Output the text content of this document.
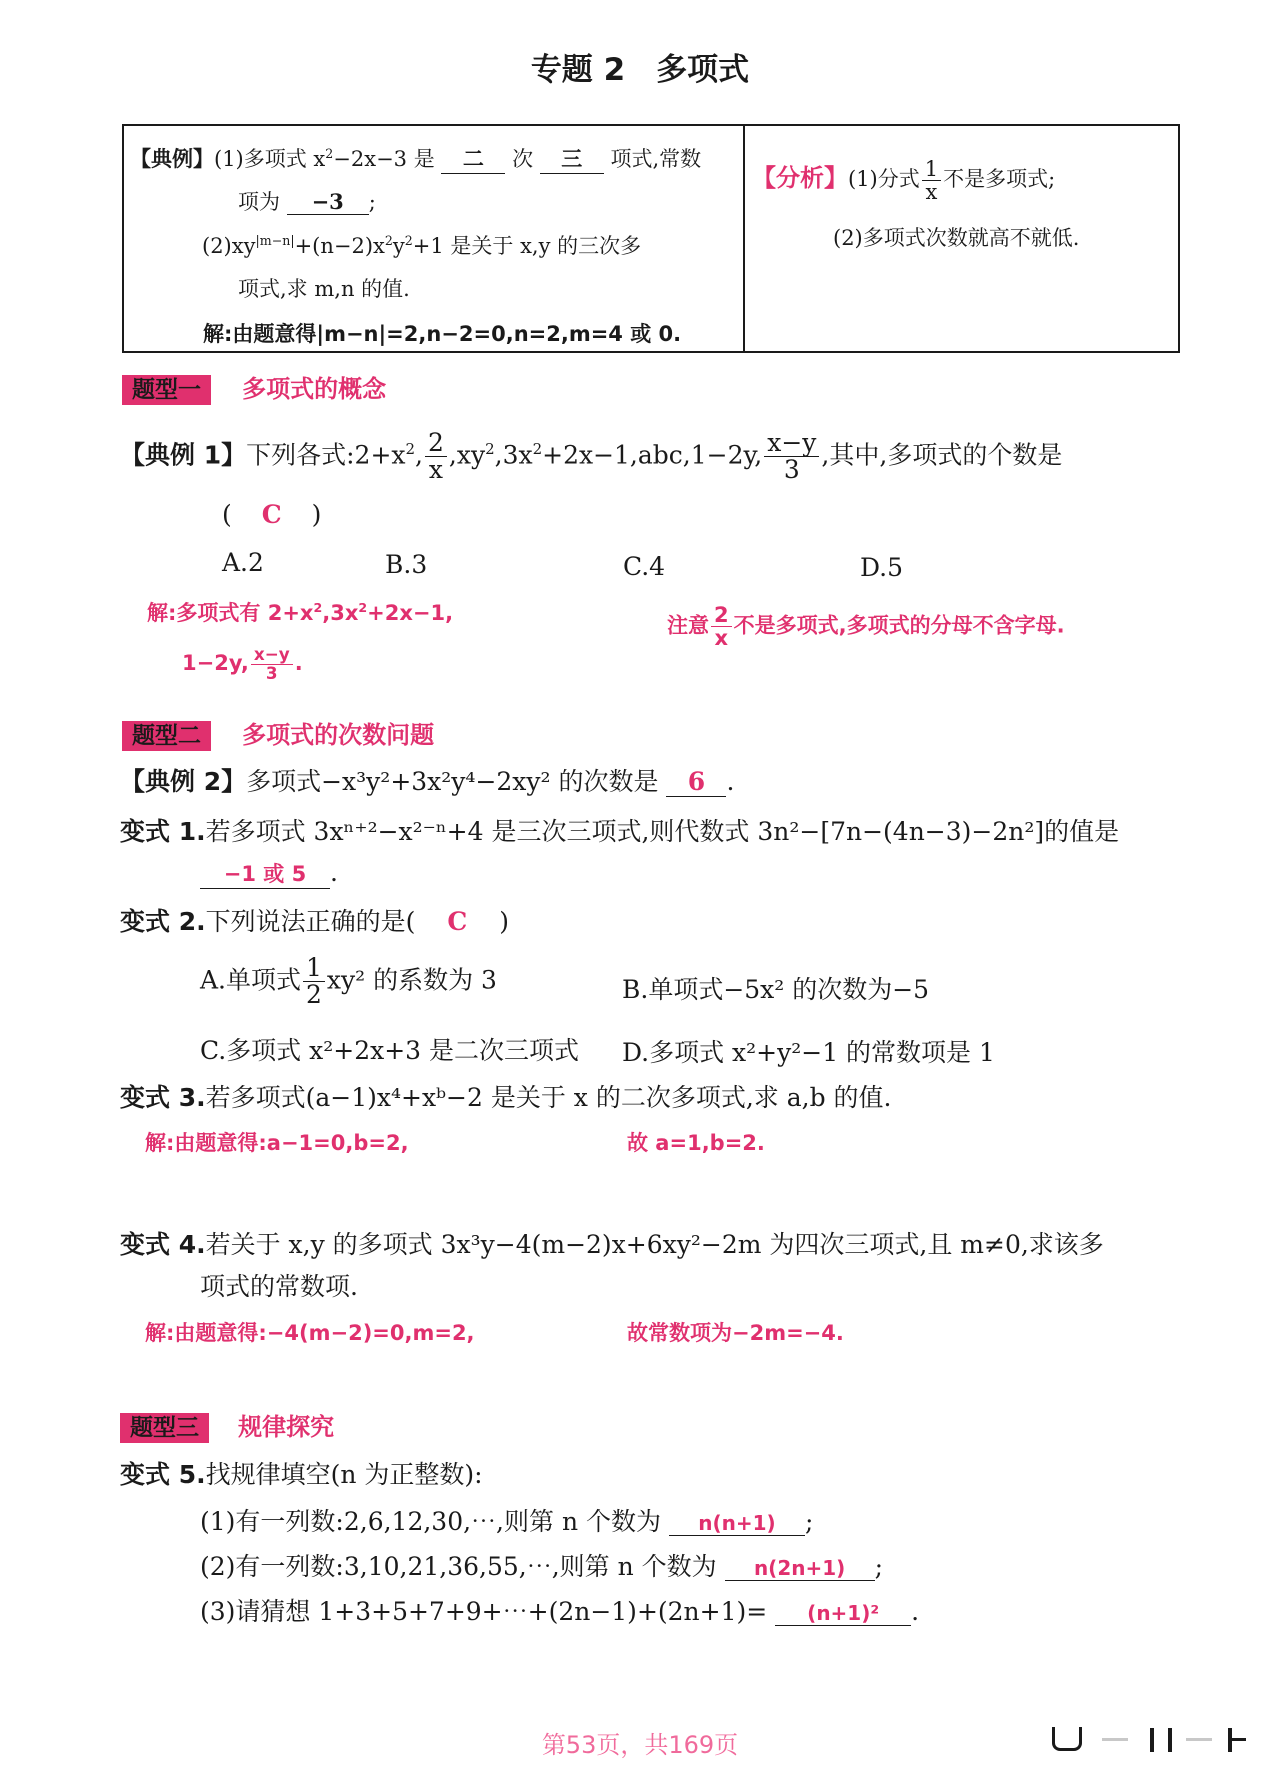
专题 2　多项式
【典例】(1)多项式 $x^2-2x-3$ 是 二 次 三 项式,常数
项为 −3 ;
$(2)xy^{|m-n|}+(n-2)x^2y^2+1$ 是关于 x,y 的三次多
项式,求 m,n 的值.
解:由题意得|m−n|=2,n−2=0,n=2,m=4 或 0.
【分析】(1)分式 $\frac{1}{x}$ 不是多项式;
(2)多项式次数就高不就低.
题型一 多项式的概念
【典例 1】下列各式$:2+x^2$, $\frac{2}{x} ,xy^2,3x^2+2x-1,abc,1-2y$, $\frac{x-y}{3}$ ,其中,多项式的个数是
( C )
A.2	B.3	C.4	D.5
解:多项式有 $2+x^2,3x^2+2x-1$,
1−2y, $\frac{x-y}{3}$ .
注意 $\frac{2}{x}$ 不是多项式,多项式的分母不含字母.
题型二 多项式的次数问题
【典例 2】多项式−x³y²+3x²y⁴−2xy² 的次数是 6 .
变式 1.若多项式 3xⁿ⁺²−x²⁻ⁿ+4 是三次三项式,则代数式 3n²−[7n−(4n−3)−2n²]的值是
−1 或 5 .
变式 2.下列说法正确的是( C )
A.单项式 $\frac{1}{2} xy^2$ 的系数为 3	B.单项式−5x² 的次数为−5
C.多项式 x²+2x+3 是二次三项式 D.多项式 x²+y²−1 的常数项是 1
变式 3.若多项式(a−1)x⁴+xᵇ−2 是关于 x 的二次多项式,求 a,b 的值.
解:由题意得:a−1=0,b=2,	故 a=1,b=2.
变式 4.若关于 x,y 的多项式 3x³y−4(m−2)x+6xy²−2m 为四次三项式,且 m≠0,求该多
项式的常数项.
解:由题意得:−4(m−2)=0,m=2,	故常数项为−2m=−4.
题型三 规律探究
变式 5.找规律填空(n 为正整数):
(1)有一列数:2,6,12,30,⋯,则第 n 个数为 n(n+1) ;
(2)有一列数:3,10,21,36,55,⋯,则第 n 个数为 n(2n+1) ;
(3)请猜想 1+3+5+7+9+⋯+(2n−1)+(2n+1)= (n+1)² .
第53页，共169页
